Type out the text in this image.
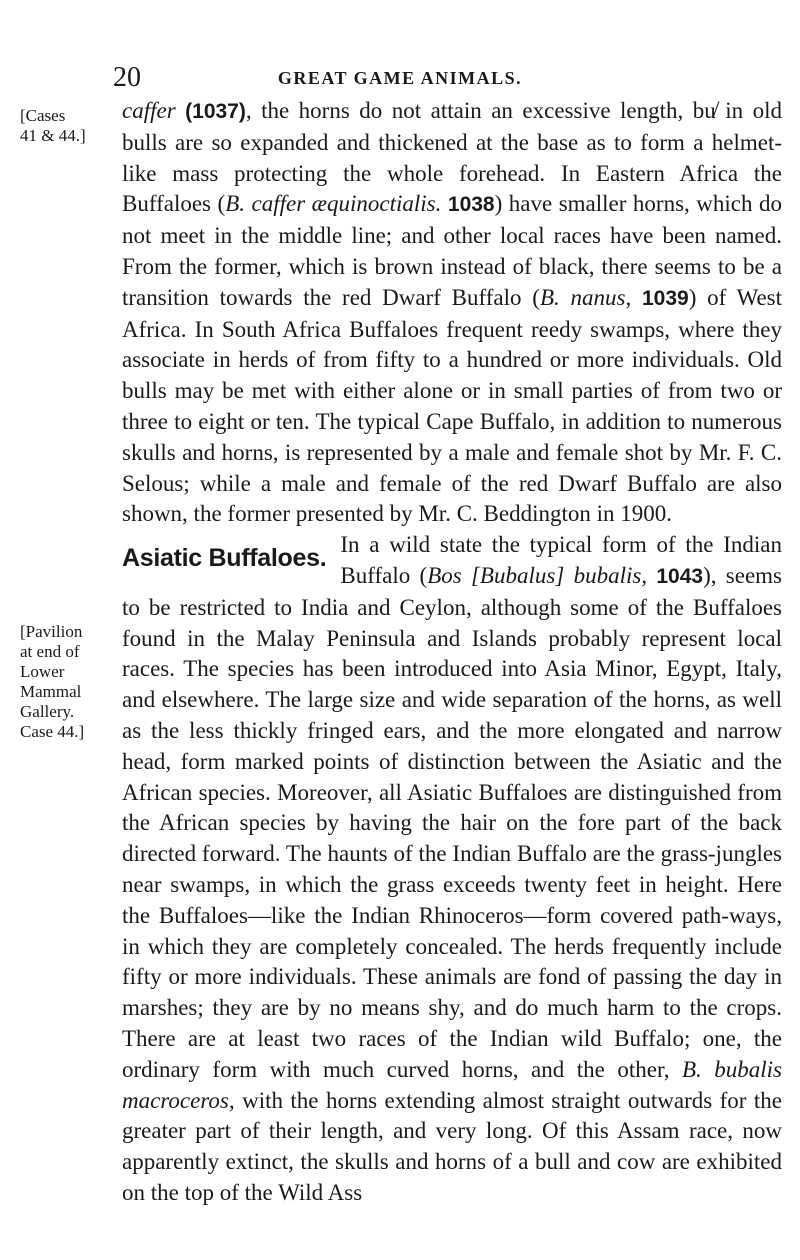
20	GREAT GAME ANIMALS.
[Cases
41 & 44.]
[Pavilion
at end of
Lower
Mammal
Gallery.
Case 44.]

caffer (1037), the horns do not attain an excessive length, bu̸ in old bulls are so expanded and thickened at the base as to form a helmet-like mass protecting the whole forehead. In Eastern Africa the Buffaloes (B. caffer æquinoctialis. 1038) have smaller horns, which do not meet in the middle line; and other local races have been named. From the former, which is brown instead of black, there seems to be a transition towards the red Dwarf Buffalo (B. nanus, 1039) of West Africa. In South Africa Buffaloes frequent reedy swamps, where they associate in herds of from fifty to a hundred or more individuals. Old bulls may be met with either alone or in small parties of from two or three to eight or ten. The typical Cape Buffalo, in addition to numerous skulls and horns, is represented by a male and female shot by Mr. F. C. Selous; while a male and female of the red Dwarf Buffalo are also shown, the former presented by Mr. C. Beddington in 1900.

Asiatic Buffaloes. In a wild state the typical form of the Indian Buffalo (Bos [Bubalus] bubalis, 1043), seems to be restricted to India and Ceylon, although some of the Buffaloes found in the Malay Peninsula and Islands probably represent local races. The species has been introduced into Asia Minor, Egypt, Italy, and elsewhere. The large size and wide separation of the horns, as well as the less thickly fringed ears, and the more elongated and narrow head, form marked points of distinction between the Asiatic and the African species. Moreover, all Asiatic Buffaloes are distinguished from the African species by having the hair on the fore part of the back directed forward. The haunts of the Indian Buffalo are the grass-jungles near swamps, in which the grass exceeds twenty feet in height. Here the Buffaloes—like the Indian Rhinoceros—form covered path-ways, in which they are completely concealed. The herds frequently include fifty or more individuals. These animals are fond of passing the day in marshes; they are by no means shy, and do much harm to the crops. There are at least two races of the Indian wild Buffalo; one, the ordinary form with much curved horns, and the other, B. bubalis macroceros, with the horns extending almost straight outwards for the greater part of their length, and very long. Of this Assam race, now apparently extinct, the skulls and horns of a bull and cow are exhibited on the top of the Wild Ass
